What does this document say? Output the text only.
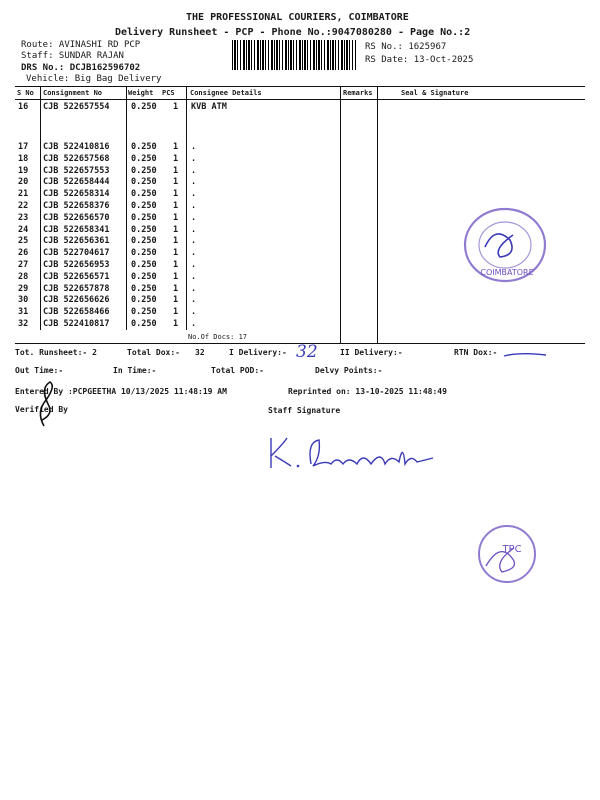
THE PROFESSIONAL COURIERS, COIMBATORE
Delivery Runsheet - PCP - Phone No.:9047080280 - Page No.:2
Route: AVINASHI RD PCP
Staff: SUNDAR RAJAN
DRS No.: DCJB162596702
Vehicle: Big Bag Delivery
RS No.: 1625967
RS Date: 13-Oct-2025
S No Consignment No	Weight PCS Consignee Details	Remarks	Seal & Signature
16 CJB 522657554	0.250 1 KVB ATM
17 CJB 522410816	0.250 1 .
18 CJB 522657568	0.250 1 .
19 CJB 522657553	0.250 1 .
20 CJB 522658444	0.250 1 .
21 CJB 522658314	0.250 1 .
22 CJB 522658376	0.250 1 .
23 CJB 522656570	0.250 1 .
24 CJB 522658341	0.250 1 .
25 CJB 522656361	0.250 1 .
26 CJB 522704617	0.250 1 .
27 CJB 522656953	0.250 1 .
28 CJB 522656571	0.250 1 .
29 CJB 522657878	0.250 1 .
30 CJB 522656626	0.250 1 .
31 CJB 522658466	0.250 1 .
32 CJB 522410817	0.250 1 .
No.Of Docs: 17
COIMBATORE
Tot. Runsheet:- 2	Total Dox:- 32	I Delivery:- 32	II Delivery:-	RTN Dox:-
Out Time:-	In Time:-	Total POD:-	Delvy Points:-
Entered By :PCPGEETHA 10/13/2025 11:48:19 AM	Reprinted on: 13-10-2025 11:48:49
Verified By	Staff Signature
TPC
